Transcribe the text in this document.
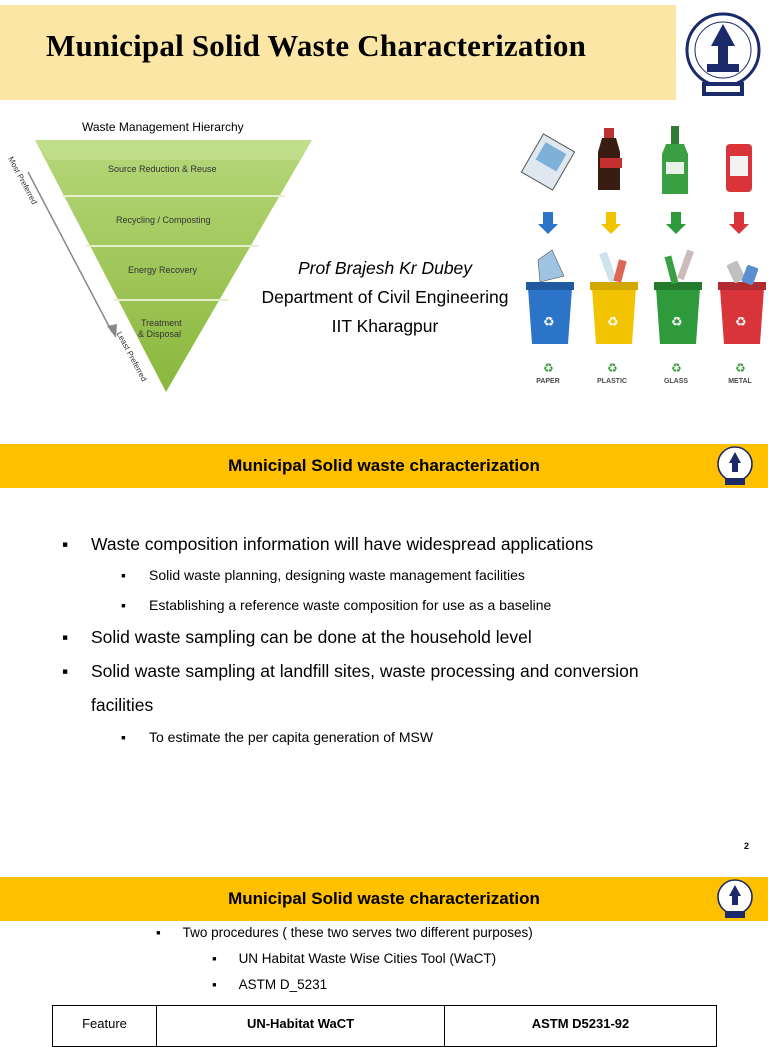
Municipal Solid Waste Characterization
Waste Management Hierarchy
Source Reduction & Reuse
Recycling / Composting
Energy Recovery
Treatment
& Disposal
Most Preferred
Least Preferred
Prof Brajesh Kr Dubey
Department of Civil Engineering
IIT Kharagpur	♻	♻	♻	♻
♻	♻	♻	♻
PAPER	PLASTIC	GLASS	METAL
Municipal Solid waste characterization
▪ Waste composition information will have widespread applications
▪ Solid waste planning, designing waste management facilities
▪ Establishing a reference waste composition for use as a baseline
▪ Solid waste sampling can be done at the household level
▪ Solid waste sampling at landfill sites, waste processing and conversion
facilities
▪ To estimate the per capita generation of MSW
2
Municipal Solid waste characterization
▪ Two procedures ( these two serves two different purposes)
▪ UN Habitat Waste Wise Cities Tool (WaCT)
▪ ASTM D_5231
Feature	UN-Habitat WaCT	ASTM D5231-92
